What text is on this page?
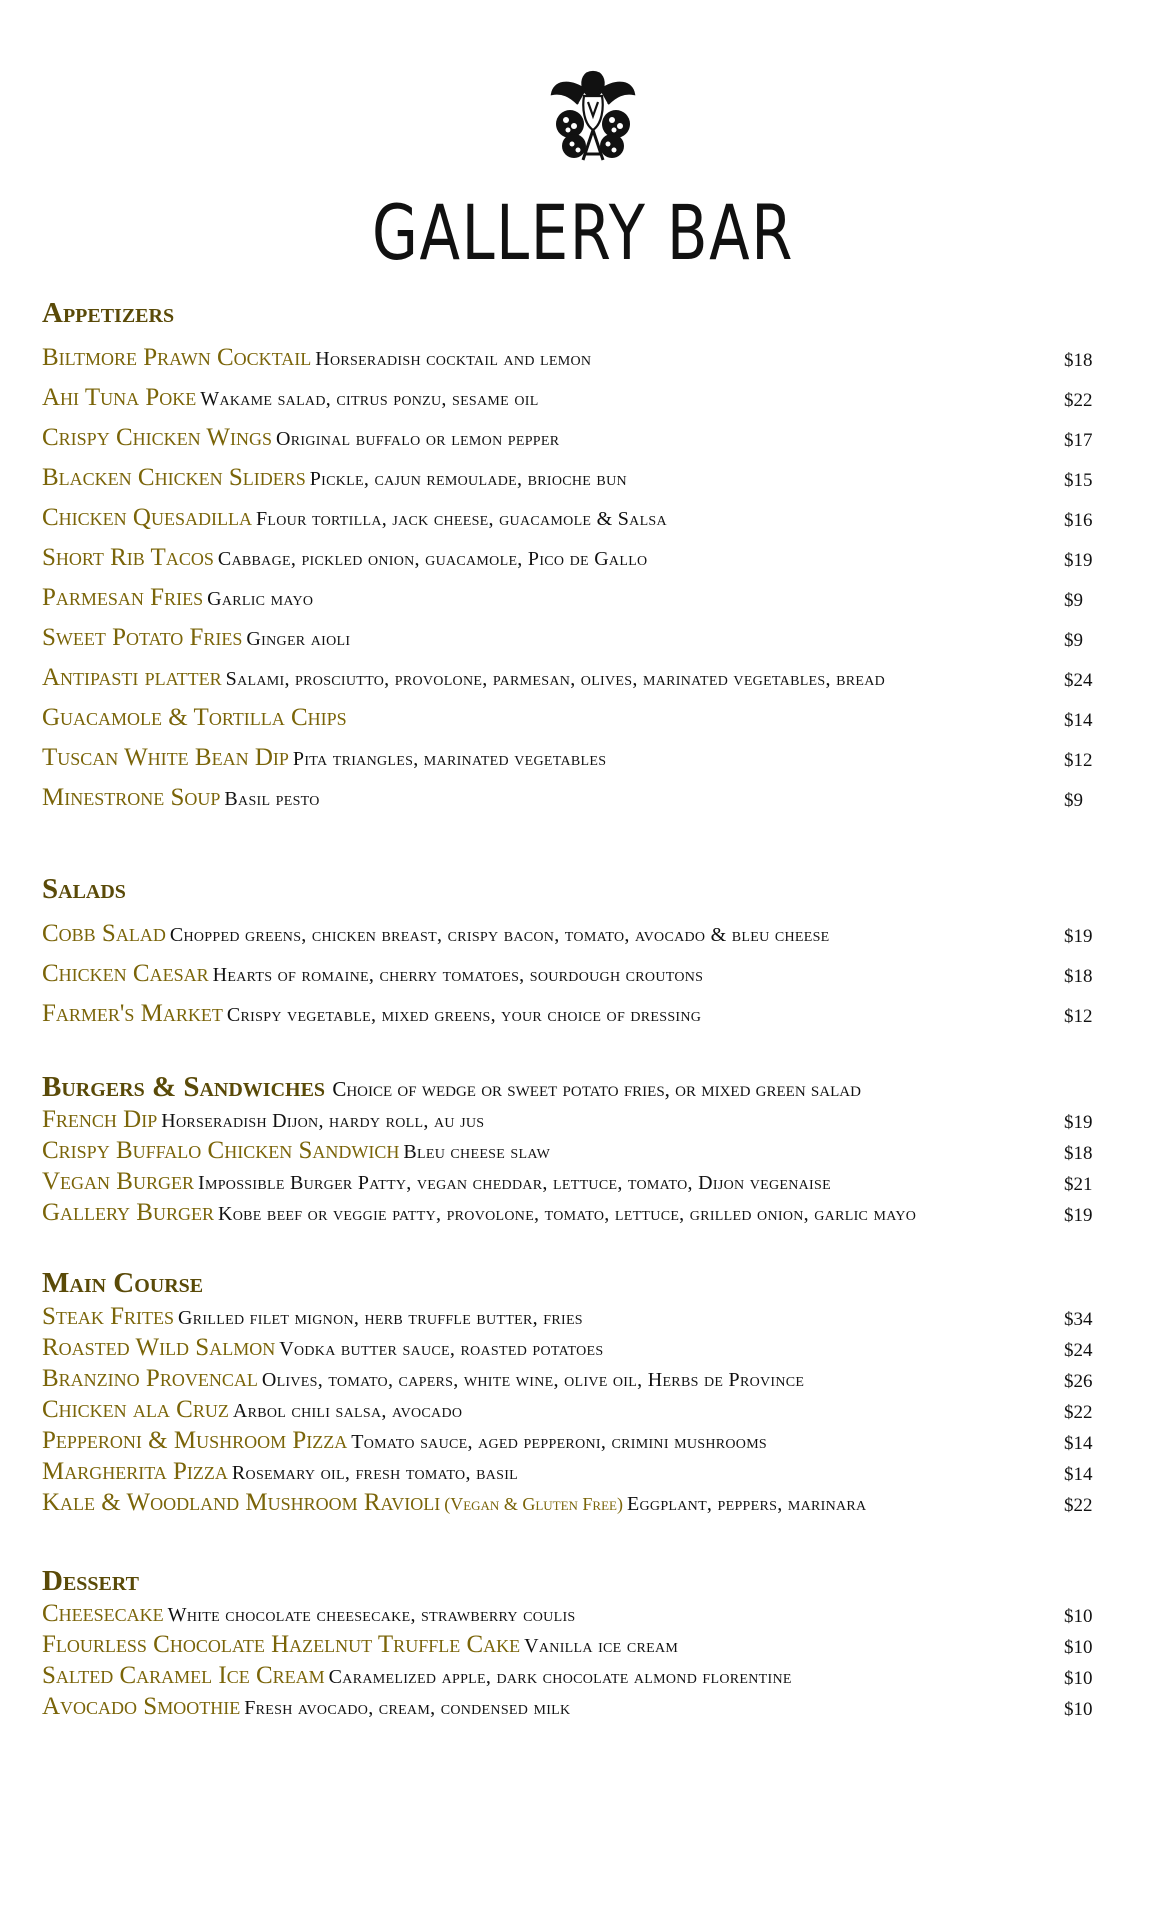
GALLERY BAR
Appetizers
Biltmore Prawn Cocktail Horseradish cocktail and lemon	$18
Ahi Tuna Poke Wakame salad, citrus ponzu, sesame oil	$22
Crispy Chicken Wings Original buffalo or lemon pepper	$17
Blacken Chicken Sliders Pickle, cajun remoulade, brioche bun	$15
Chicken Quesadilla Flour tortilla, jack cheese, guacamole & Salsa	$16
Short Rib Tacos Cabbage, pickled onion, guacamole, Pico de Gallo	$19
Parmesan Fries Garlic mayo	$9
Sweet Potato Fries Ginger aioli	$9
Antipasti platter Salami, prosciutto, provolone, parmesan, olives, marinated vegetables, bread	$24
Guacamole & Tortilla Chips	$14
Tuscan White Bean Dip Pita triangles, marinated vegetables	$12
Minestrone Soup Basil pesto	$9
Salads
Cobb Salad Chopped greens, chicken breast, crispy bacon, tomato, avocado & bleu cheese	$19
Chicken Caesar Hearts of romaine, cherry tomatoes, sourdough croutons	$18
Farmer's Market Crispy vegetable, mixed greens, your choice of dressing	$12
Burgers & Sandwiches Choice of wedge or sweet potato fries, or mixed green salad
French Dip Horseradish Dijon, hardy roll, au jus	$19
Crispy Buffalo Chicken Sandwich Bleu cheese slaw	$18
Vegan Burger Impossible Burger Patty, vegan cheddar, lettuce, tomato, Dijon vegenaise	$21
Gallery Burger Kobe beef or veggie patty, provolone, tomato, lettuce, grilled onion, garlic mayo	$19
Main Course
Steak Frites Grilled filet mignon, herb truffle butter, fries	$34
Roasted Wild Salmon Vodka butter sauce, roasted potatoes	$24
Branzino Provencal Olives, tomato, capers, white wine, olive oil, Herbs de Province	$26
Chicken ala Cruz Arbol chili salsa, avocado	$22
Pepperoni & Mushroom Pizza Tomato sauce, aged pepperoni, crimini mushrooms	$14
Margherita Pizza Rosemary oil, fresh tomato, basil	$14
Kale & Woodland Mushroom Ravioli (Vegan & Gluten Free) Eggplant, peppers, marinara	$22
Dessert
Cheesecake White chocolate cheesecake, strawberry coulis	$10
Flourless Chocolate Hazelnut Truffle Cake Vanilla ice cream	$10
Salted Caramel Ice Cream Caramelized apple, dark chocolate almond florentine	$10
Avocado Smoothie Fresh avocado, cream, condensed milk	$10
